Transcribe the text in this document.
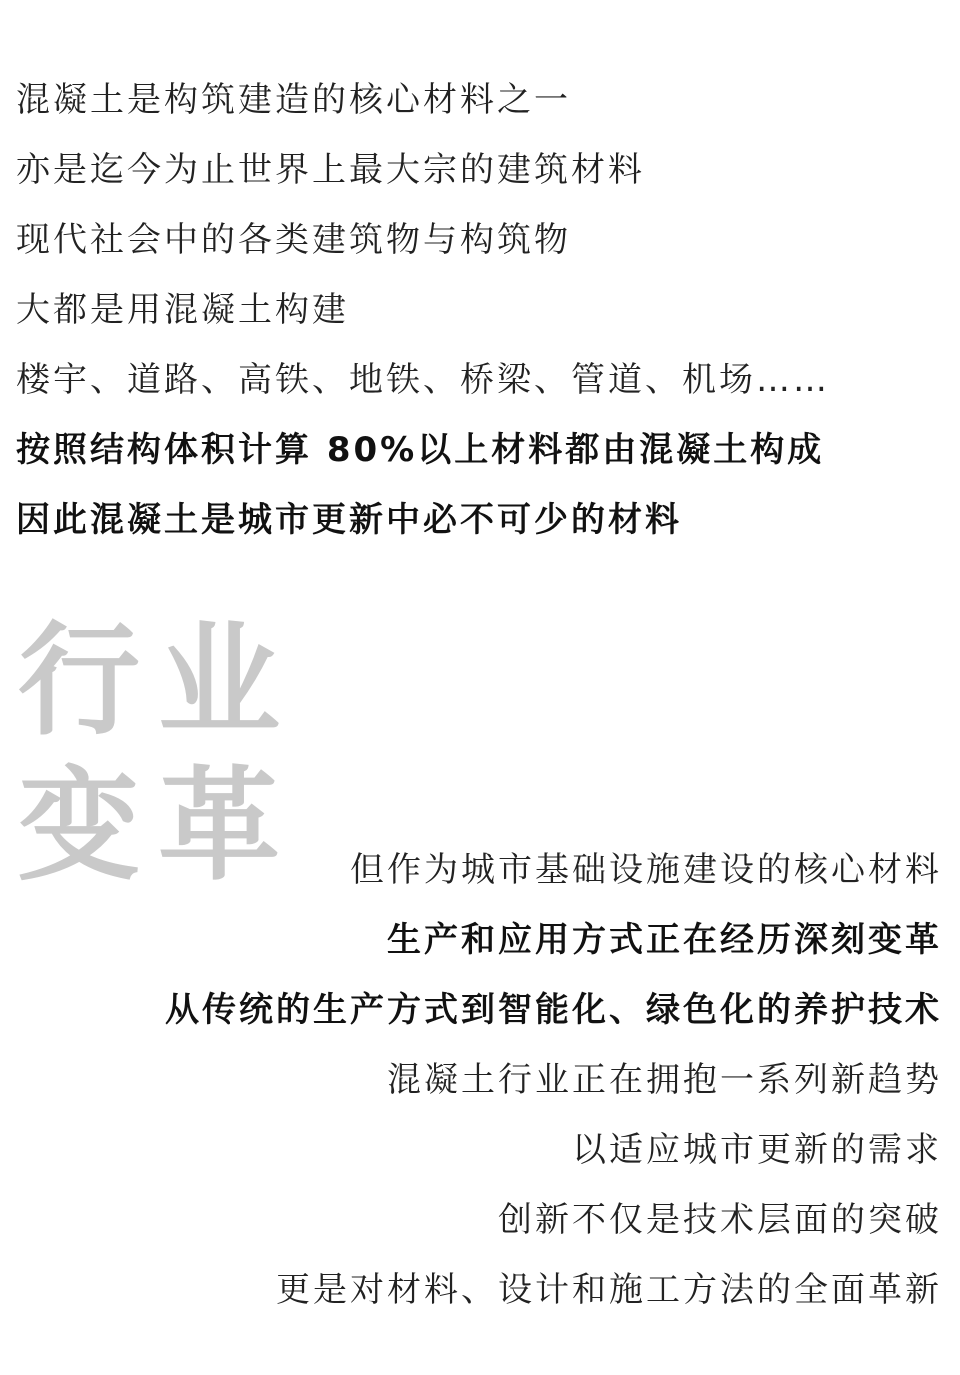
混凝土是构筑建造的核心材料之一
亦是迄今为止世界上最大宗的建筑材料
现代社会中的各类建筑物与构筑物
大都是用混凝土构建
楼宇、道路、高铁、地铁、桥梁、管道、机场……
按照结构体积计算 80%以上材料都由混凝土构成
因此混凝土是城市更新中必不可少的材料
行业
变革 但作为城市基础设施建设的核心材料
生产和应用方式正在经历深刻变革
从传统的生产方式到智能化、绿色化的养护技术
混凝土行业正在拥抱一系列新趋势
以适应城市更新的需求
创新不仅是技术层面的突破
更是对材料、设计和施工方法的全面革新
